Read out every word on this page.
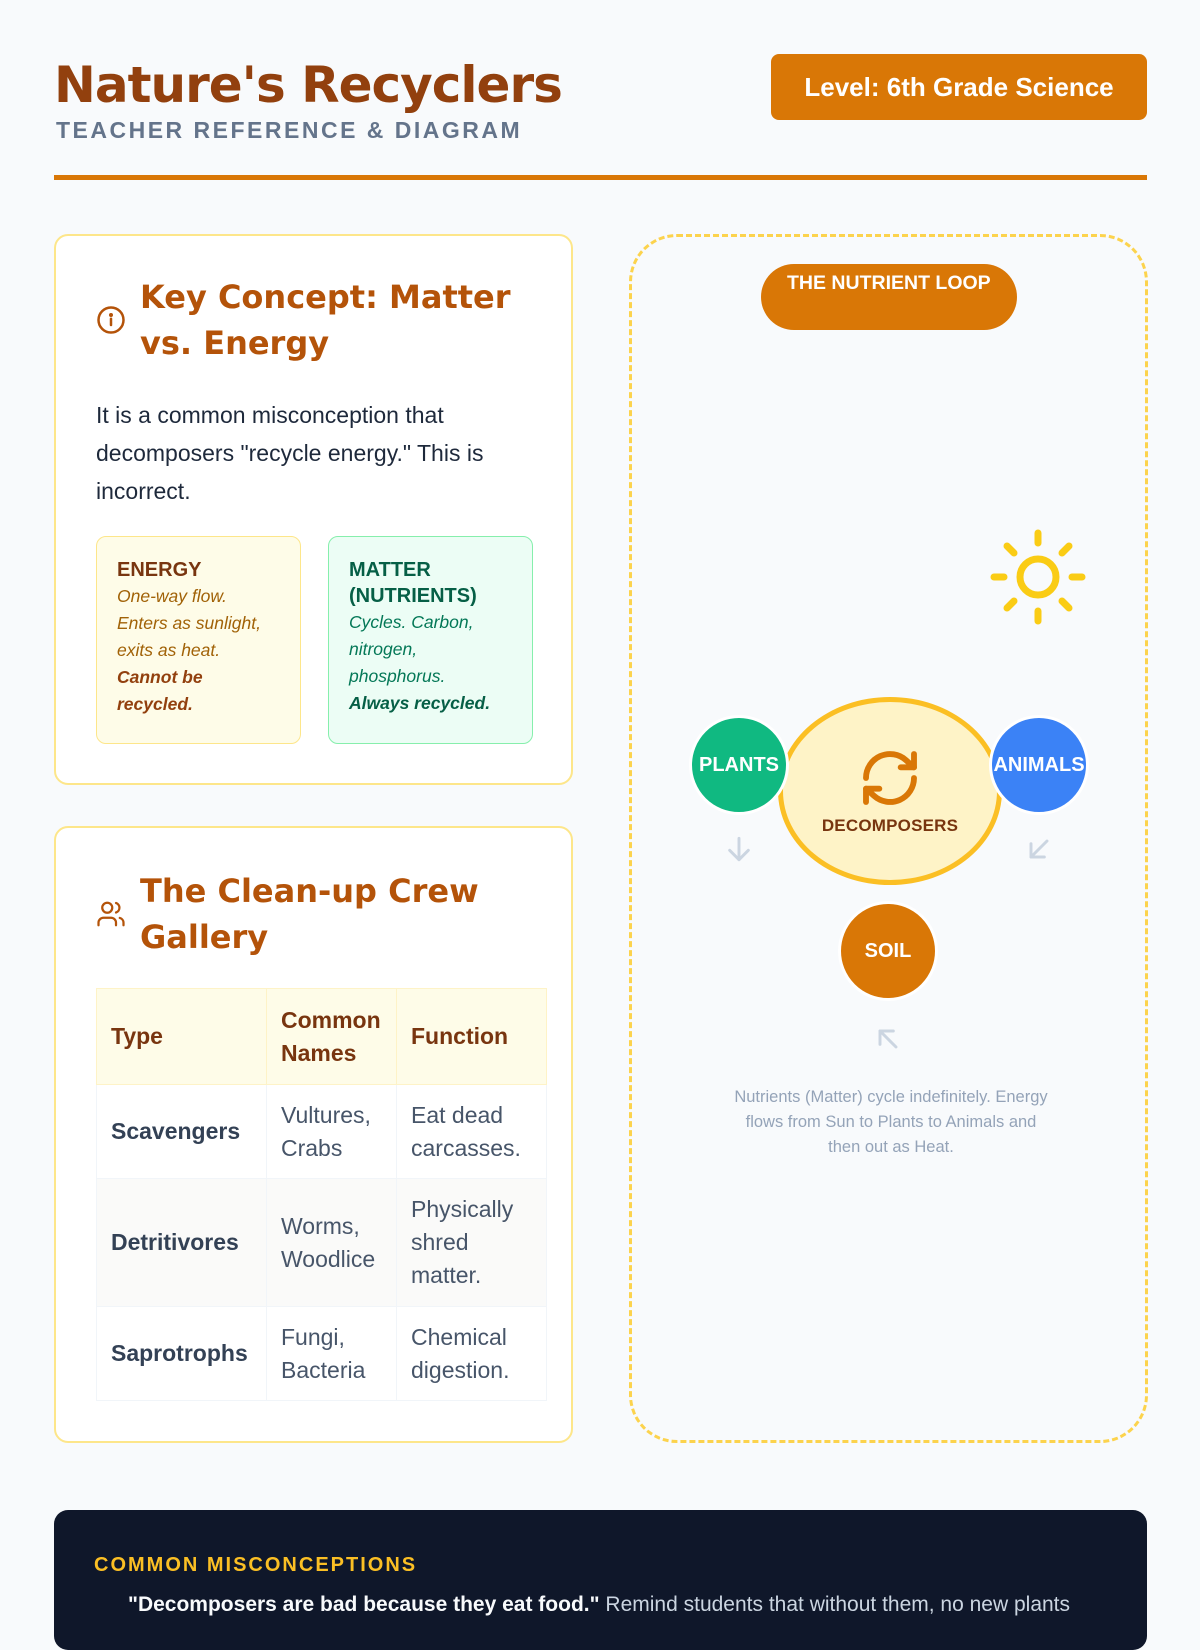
Nature's Recyclers
TEACHER REFERENCE & DIAGRAM
Level: 6th Grade Science
Key Concept: Matter vs. Energy
It is a common misconception that decomposers "recycle energy." This is incorrect.
ENERGY
One-way flow. Enters as sunlight, exits as heat.
Cannot be recycled.
MATTER (NUTRIENTS)
Cycles. Carbon, nitrogen, phosphorus.
Always recycled.
The Clean-up Crew Gallery
Type	Common Names	Function
Scavengers	Vultures, Crabs	Eat dead carcasses.
Detritivores	Worms, Woodlice	Physically shred matter.
Saprotrophs	Fungi, Bacteria	Chemical digestion.
THE NUTRIENT LOOP
DECOMPOSERS
PLANTS	ANIMALS
SOIL
Nutrients (Matter) cycle indefinitely. Energy flows from Sun to Plants to Animals and then out as Heat.
COMMON MISCONCEPTIONS
"Decomposers are bad because they eat food." Remind students that without them, no new plants
